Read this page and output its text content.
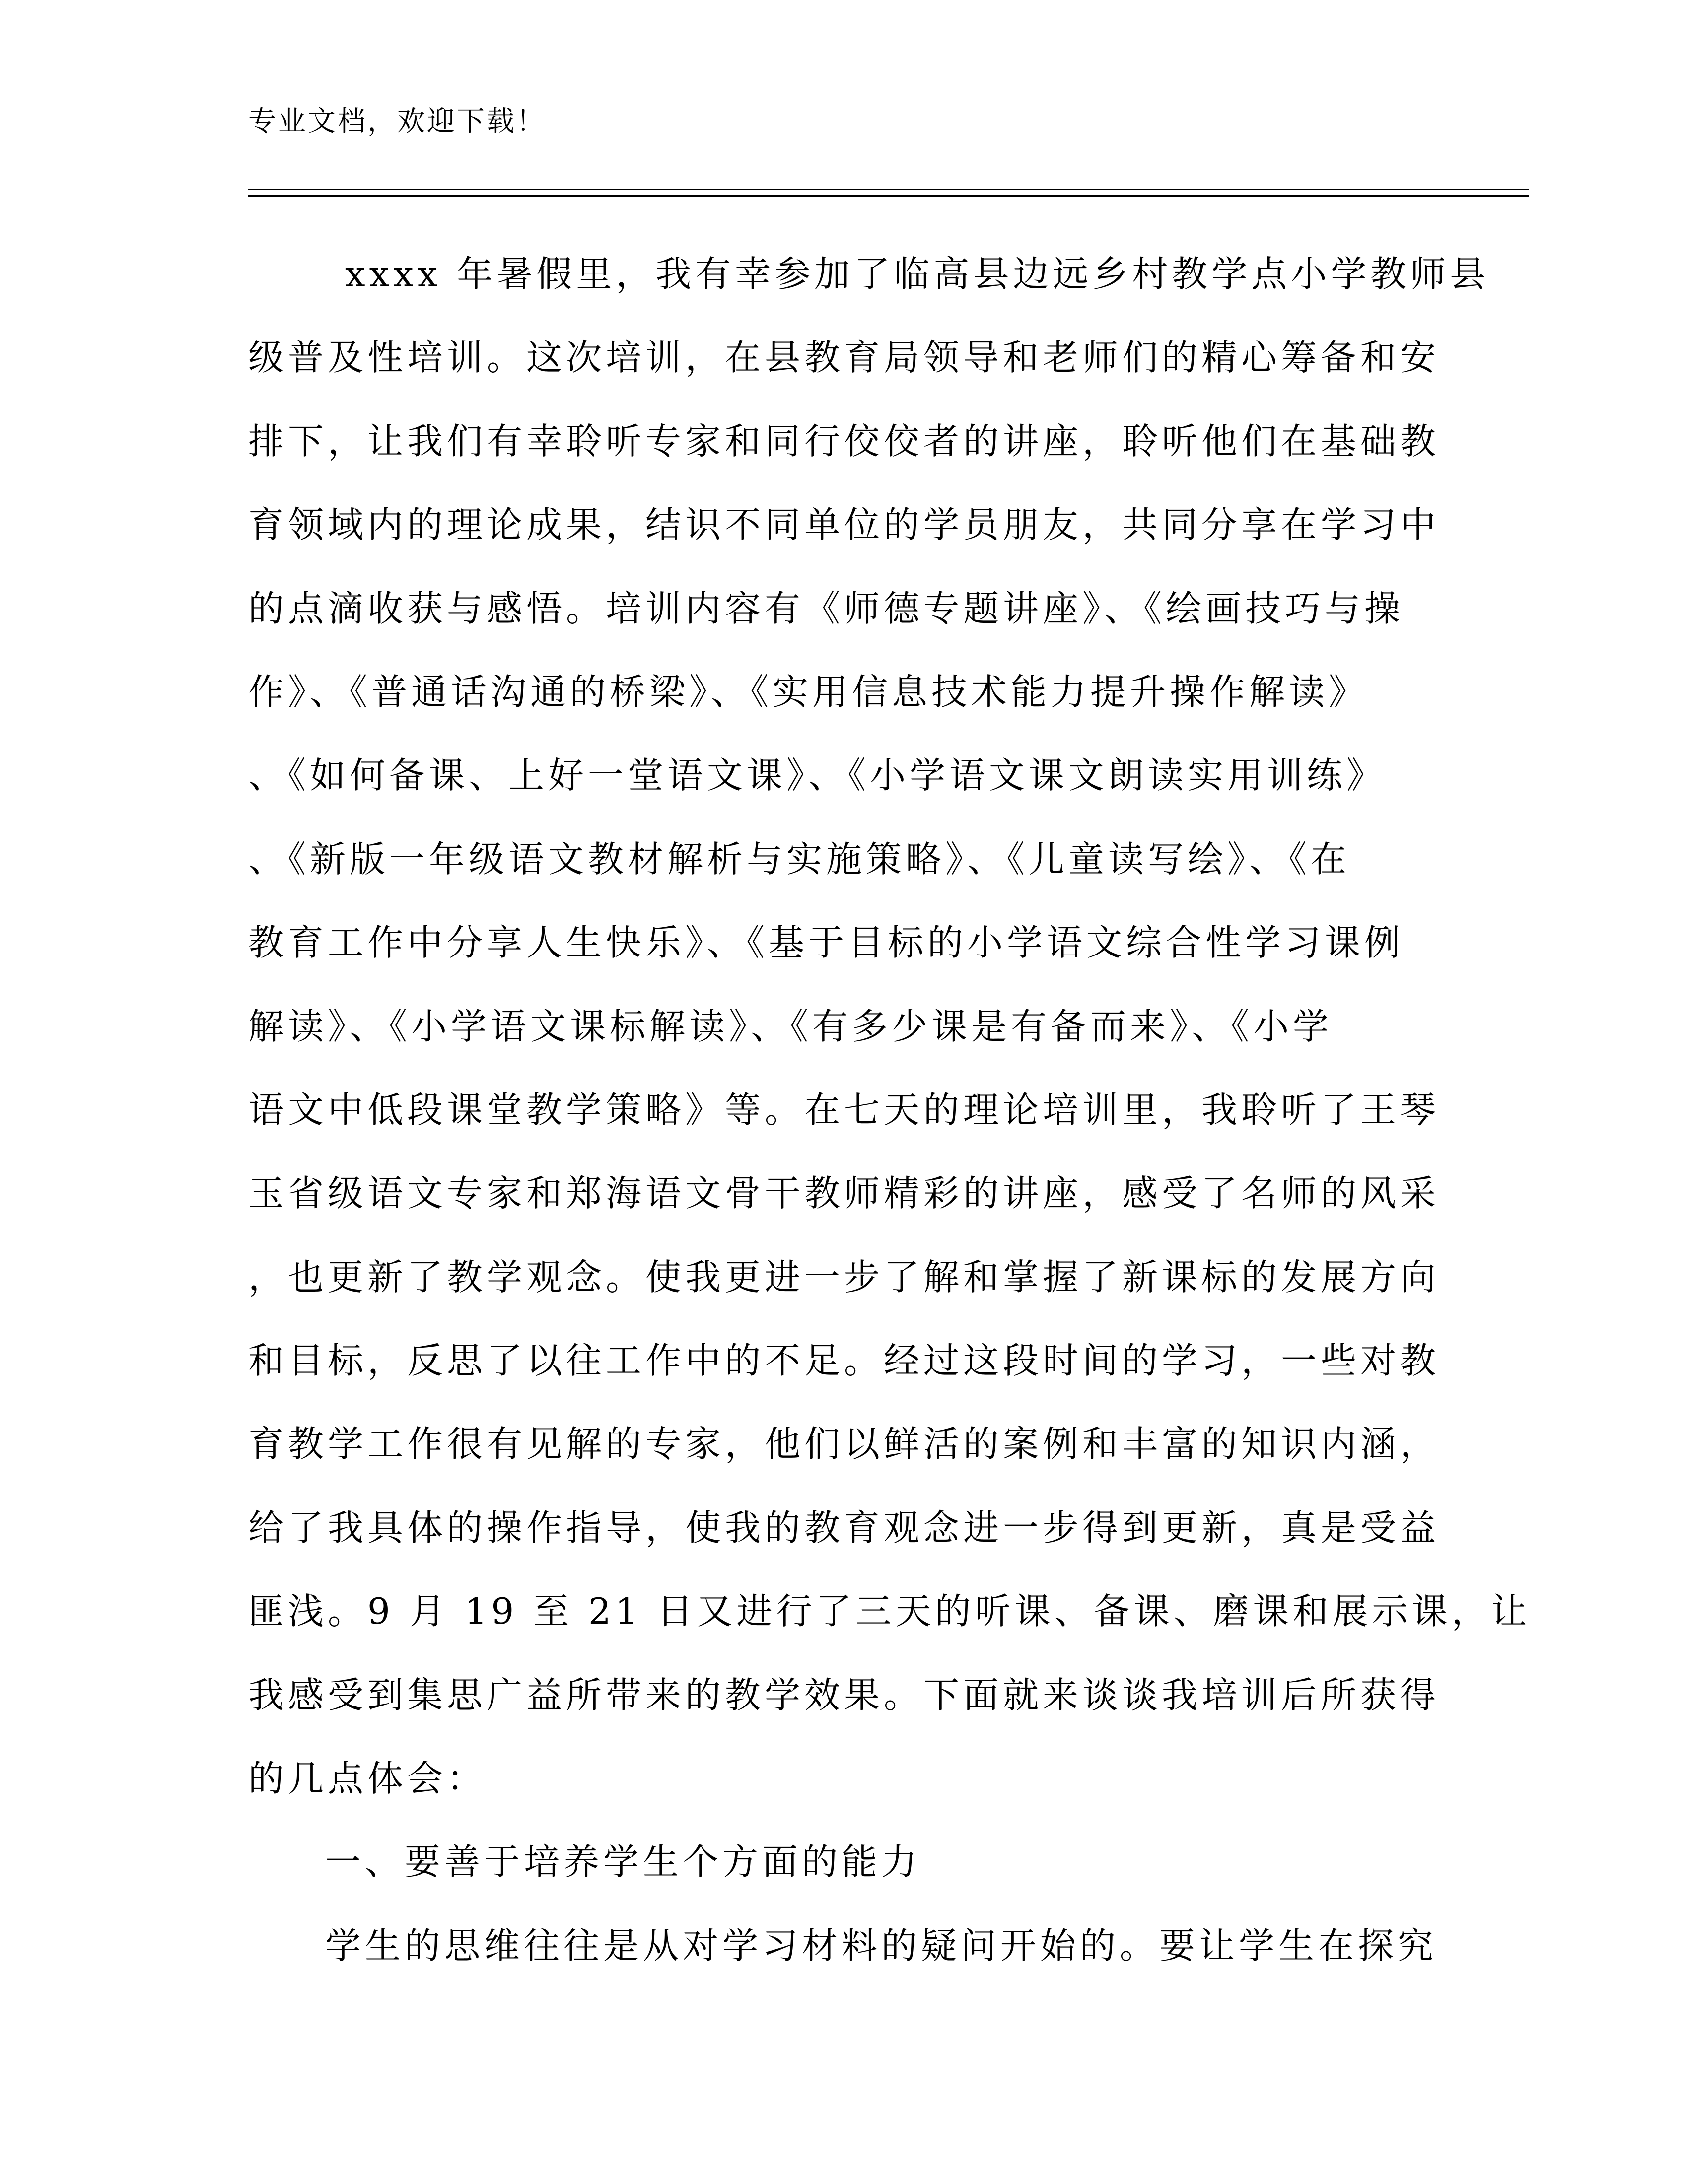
专业文档，欢迎下载！
xxxx 年暑假里，我有幸参加了临高县边远乡村教学点小学教师县
级普及性培训。这次培训，在县教育局领导和老师们的精心筹备和安
排下，让我们有幸聆听专家和同行佼佼者的讲座，聆听他们在基础教
育领域内的理论成果，结识不同单位的学员朋友，共同分享在学习中
的点滴收获与感悟。培训内容有《师德专题讲座》、《绘画技巧与操
作》、《普通话沟通的桥梁》、《实用信息技术能力提升操作解读》
、《如何备课、上好一堂语文课》、《小学语文课文朗读实用训练》
、《新版一年级语文教材解析与实施策略》、《儿童读写绘》、《在
教育工作中分享人生快乐》、《基于目标的小学语文综合性学习课例
解读》、《小学语文课标解读》、《有多少课是有备而来》、《小学
语文中低段课堂教学策略》等。在七天的理论培训里，我聆听了王琴
玉省级语文专家和郑海语文骨干教师精彩的讲座，感受了名师的风采
，也更新了教学观念。使我更进一步了解和掌握了新课标的发展方向
和目标，反思了以往工作中的不足。经过这段时间的学习，一些对教
育教学工作很有见解的专家，他们以鲜活的案例和丰富的知识内涵，
给了我具体的操作指导，使我的教育观念进一步得到更新，真是受益
匪浅。9 月 19 至 21 日又进行了三天的听课、备课、磨课和展示课，让
我感受到集思广益所带来的教学效果。下面就来谈谈我培训后所获得
的几点体会：
一、要善于培养学生个方面的能力
学生的思维往往是从对学习材料的疑问开始的。要让学生在探究
